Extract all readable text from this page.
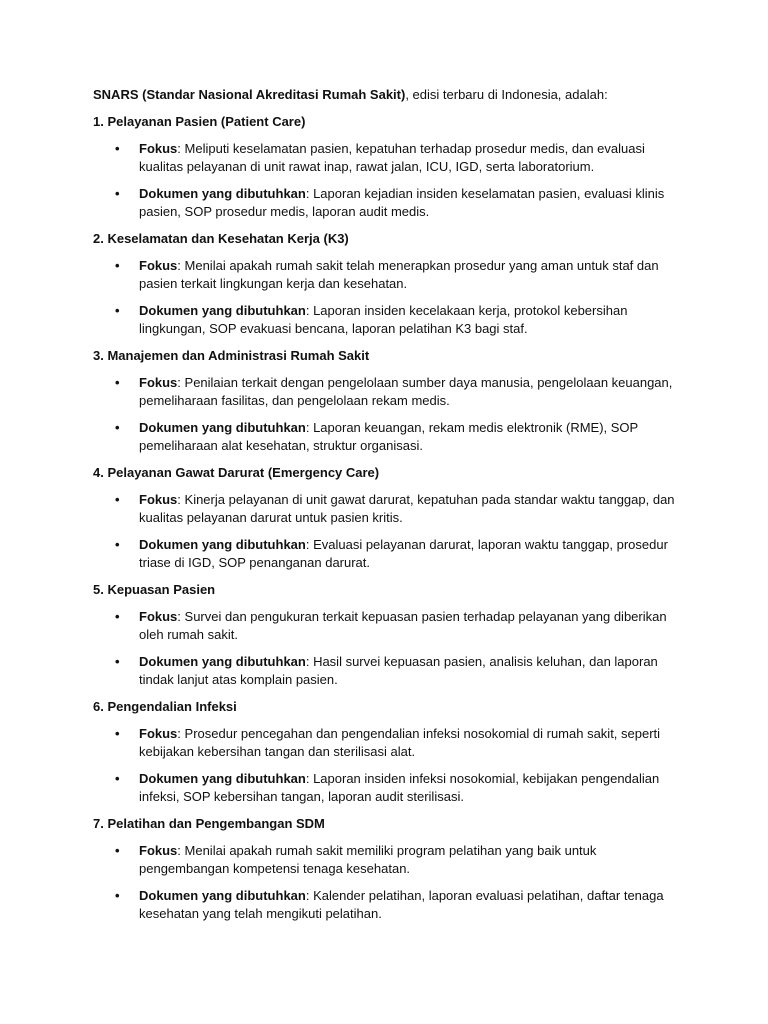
SNARS (Standar Nasional Akreditasi Rumah Sakit), edisi terbaru di Indonesia, adalah:

1. Pelayanan Pasien (Patient Care)

• Fokus: Meliputi keselamatan pasien, kepatuhan terhadap prosedur medis, dan evaluasi kualitas pelayanan di unit rawat inap, rawat jalan, ICU, IGD, serta laboratorium.
• Dokumen yang dibutuhkan: Laporan kejadian insiden keselamatan pasien, evaluasi klinis pasien, SOP prosedur medis, laporan audit medis.

2. Keselamatan dan Kesehatan Kerja (K3)

• Fokus: Menilai apakah rumah sakit telah menerapkan prosedur yang aman untuk staf dan pasien terkait lingkungan kerja dan kesehatan.
• Dokumen yang dibutuhkan: Laporan insiden kecelakaan kerja, protokol kebersihan lingkungan, SOP evakuasi bencana, laporan pelatihan K3 bagi staf.

3. Manajemen dan Administrasi Rumah Sakit

• Fokus: Penilaian terkait dengan pengelolaan sumber daya manusia, pengelolaan keuangan, pemeliharaan fasilitas, dan pengelolaan rekam medis.
• Dokumen yang dibutuhkan: Laporan keuangan, rekam medis elektronik (RME), SOP pemeliharaan alat kesehatan, struktur organisasi.

4. Pelayanan Gawat Darurat (Emergency Care)

• Fokus: Kinerja pelayanan di unit gawat darurat, kepatuhan pada standar waktu tanggap, dan kualitas pelayanan darurat untuk pasien kritis.
• Dokumen yang dibutuhkan: Evaluasi pelayanan darurat, laporan waktu tanggap, prosedur triase di IGD, SOP penanganan darurat.

5. Kepuasan Pasien

• Fokus: Survei dan pengukuran terkait kepuasan pasien terhadap pelayanan yang diberikan oleh rumah sakit.
• Dokumen yang dibutuhkan: Hasil survei kepuasan pasien, analisis keluhan, dan laporan tindak lanjut atas komplain pasien.

6. Pengendalian Infeksi

• Fokus: Prosedur pencegahan dan pengendalian infeksi nosokomial di rumah sakit, seperti kebijakan kebersihan tangan dan sterilisasi alat.
• Dokumen yang dibutuhkan: Laporan insiden infeksi nosokomial, kebijakan pengendalian infeksi, SOP kebersihan tangan, laporan audit sterilisasi.

7. Pelatihan dan Pengembangan SDM

• Fokus: Menilai apakah rumah sakit memiliki program pelatihan yang baik untuk pengembangan kompetensi tenaga kesehatan.
• Dokumen yang dibutuhkan: Kalender pelatihan, laporan evaluasi pelatihan, daftar tenaga kesehatan yang telah mengikuti pelatihan.
